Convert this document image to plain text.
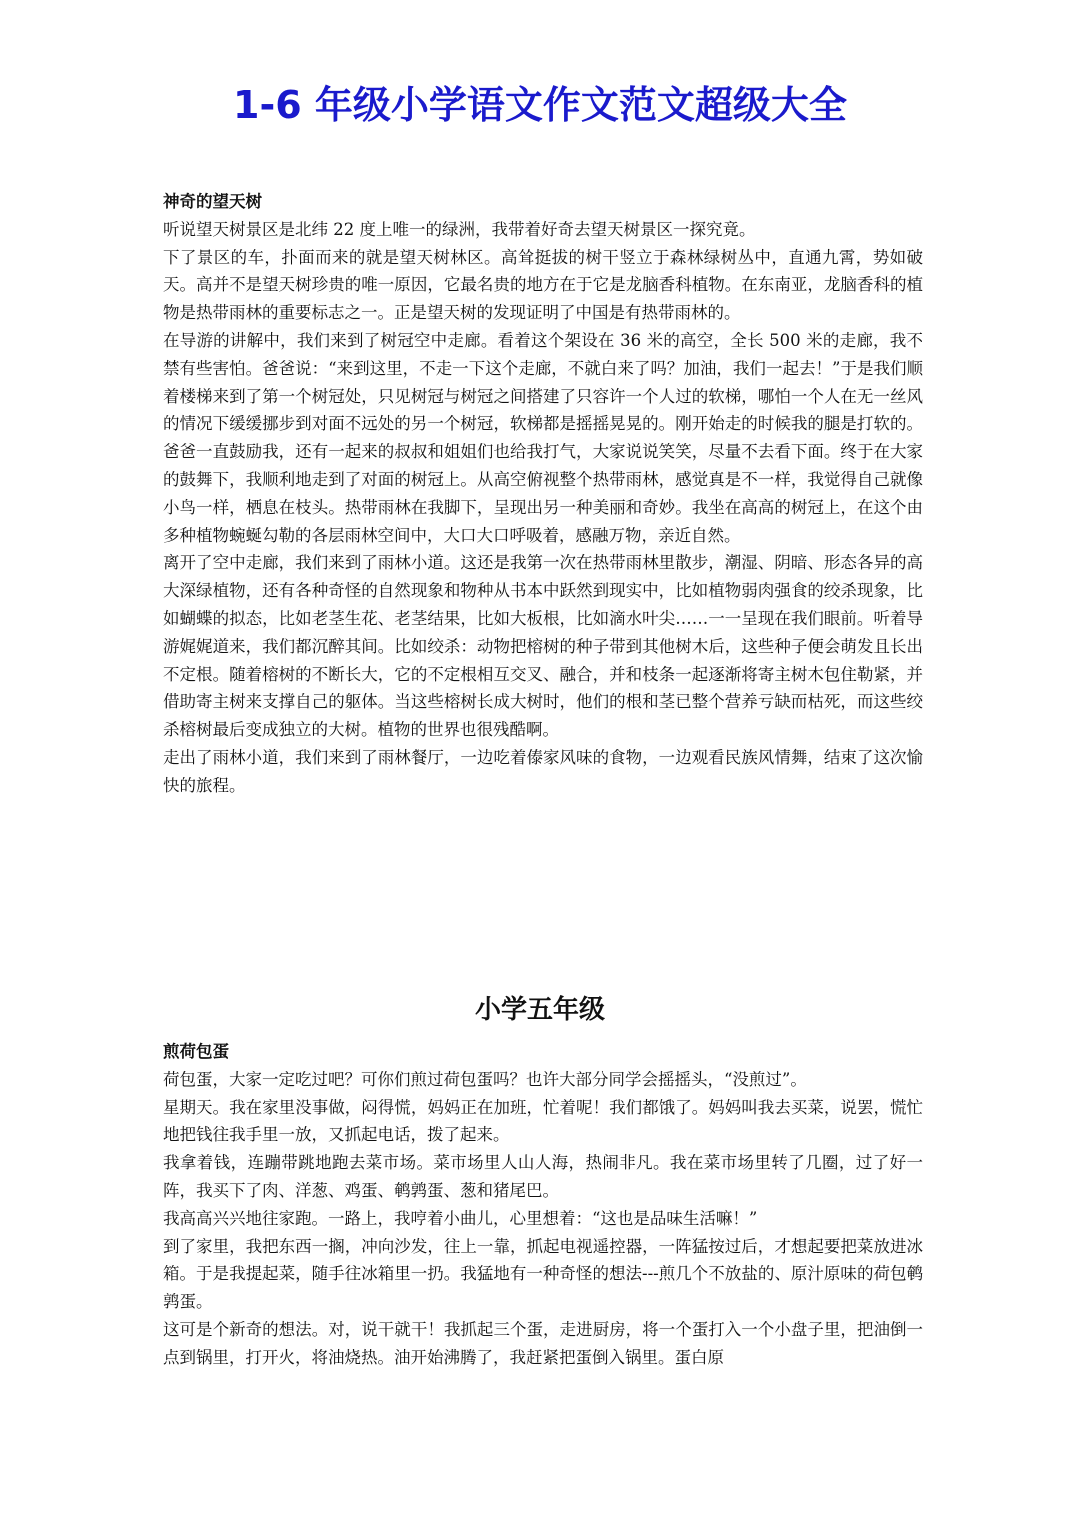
1-6 年级小学语文作文范文超级大全

神奇的望天树

听说望天树景区是北纬 22 度上唯一的绿洲，我带着好奇去望天树景区一探究竟。

下了景区的车，扑面而来的就是望天树林区。高耸挺拔的树干竖立于森林绿树丛中，直通九霄，势如破天。高并不是望天树珍贵的唯一原因，它最名贵的地方在于它是龙脑香科植物。在东南亚，龙脑香科的植物是热带雨林的重要标志之一。正是望天树的发现证明了中国是有热带雨林的。

在导游的讲解中，我们来到了树冠空中走廊。看着这个架设在 36 米的高空，全长 500 米的走廊，我不禁有些害怕。爸爸说：“来到这里，不走一下这个走廊，不就白来了吗？加油，我们一起去！”于是我们顺着楼梯来到了第一个树冠处，只见树冠与树冠之间搭建了只容许一个人过的软梯，哪怕一个人在无一丝风的情况下缓缓挪步到对面不远处的另一个树冠，软梯都是摇摇晃晃的。刚开始走的时候我的腿是打软的。爸爸一直鼓励我，还有一起来的叔叔和姐姐们也给我打气，大家说说笑笑，尽量不去看下面。终于在大家的鼓舞下，我顺利地走到了对面的树冠上。从高空俯视整个热带雨林，感觉真是不一样，我觉得自己就像小鸟一样，栖息在枝头。热带雨林在我脚下，呈现出另一种美丽和奇妙。我坐在高高的树冠上，在这个由多种植物蜿蜒勾勒的各层雨林空间中，大口大口呼吸着，感融万物，亲近自然。

离开了空中走廊，我们来到了雨林小道。这还是我第一次在热带雨林里散步，潮湿、阴暗、形态各异的高大深绿植物，还有各种奇怪的自然现象和物种从书本中跃然到现实中，比如植物弱肉强食的绞杀现象，比如蝴蝶的拟态，比如老茎生花、老茎结果，比如大板根，比如滴水叶尖……一一呈现在我们眼前。听着导游娓娓道来，我们都沉醉其间。比如绞杀：动物把榕树的种子带到其他树木后，这些种子便会萌发且长出不定根。随着榕树的不断长大，它的不定根相互交叉、融合，并和枝条一起逐渐将寄主树木包住勒紧，并借助寄主树来支撑自己的躯体。当这些榕树长成大树时，他们的根和茎已整个营养亏缺而枯死，而这些绞杀榕树最后变成独立的大树。植物的世界也很残酷啊。

走出了雨林小道，我们来到了雨林餐厅，一边吃着傣家风味的食物，一边观看民族风情舞，结束了这次愉快的旅程。

小学五年级

煎荷包蛋

荷包蛋，大家一定吃过吧？可你们煎过荷包蛋吗？也许大部分同学会摇摇头，“没煎过”。

星期天。我在家里没事做，闷得慌，妈妈正在加班，忙着呢！我们都饿了。妈妈叫我去买菜，说罢，慌忙地把钱往我手里一放，又抓起电话，拨了起来。

我拿着钱，连蹦带跳地跑去菜市场。菜市场里人山人海，热闹非凡。我在菜市场里转了几圈，过了好一阵，我买下了肉、洋葱、鸡蛋、鹌鹑蛋、葱和猪尾巴。

我高高兴兴地往家跑。一路上，我哼着小曲儿，心里想着：“这也是品味生活嘛！”

到了家里，我把东西一搁，冲向沙发，往上一靠，抓起电视遥控器，一阵猛按过后，才想起要把菜放进冰箱。于是我提起菜，随手往冰箱里一扔。我猛地有一种奇怪的想法---煎几个不放盐的、原汁原味的荷包鹌鹑蛋。

这可是个新奇的想法。对，说干就干！我抓起三个蛋，走进厨房，将一个蛋打入一个小盘子里，把油倒一点到锅里，打开火，将油烧热。油开始沸腾了，我赶紧把蛋倒入锅里。蛋白原
